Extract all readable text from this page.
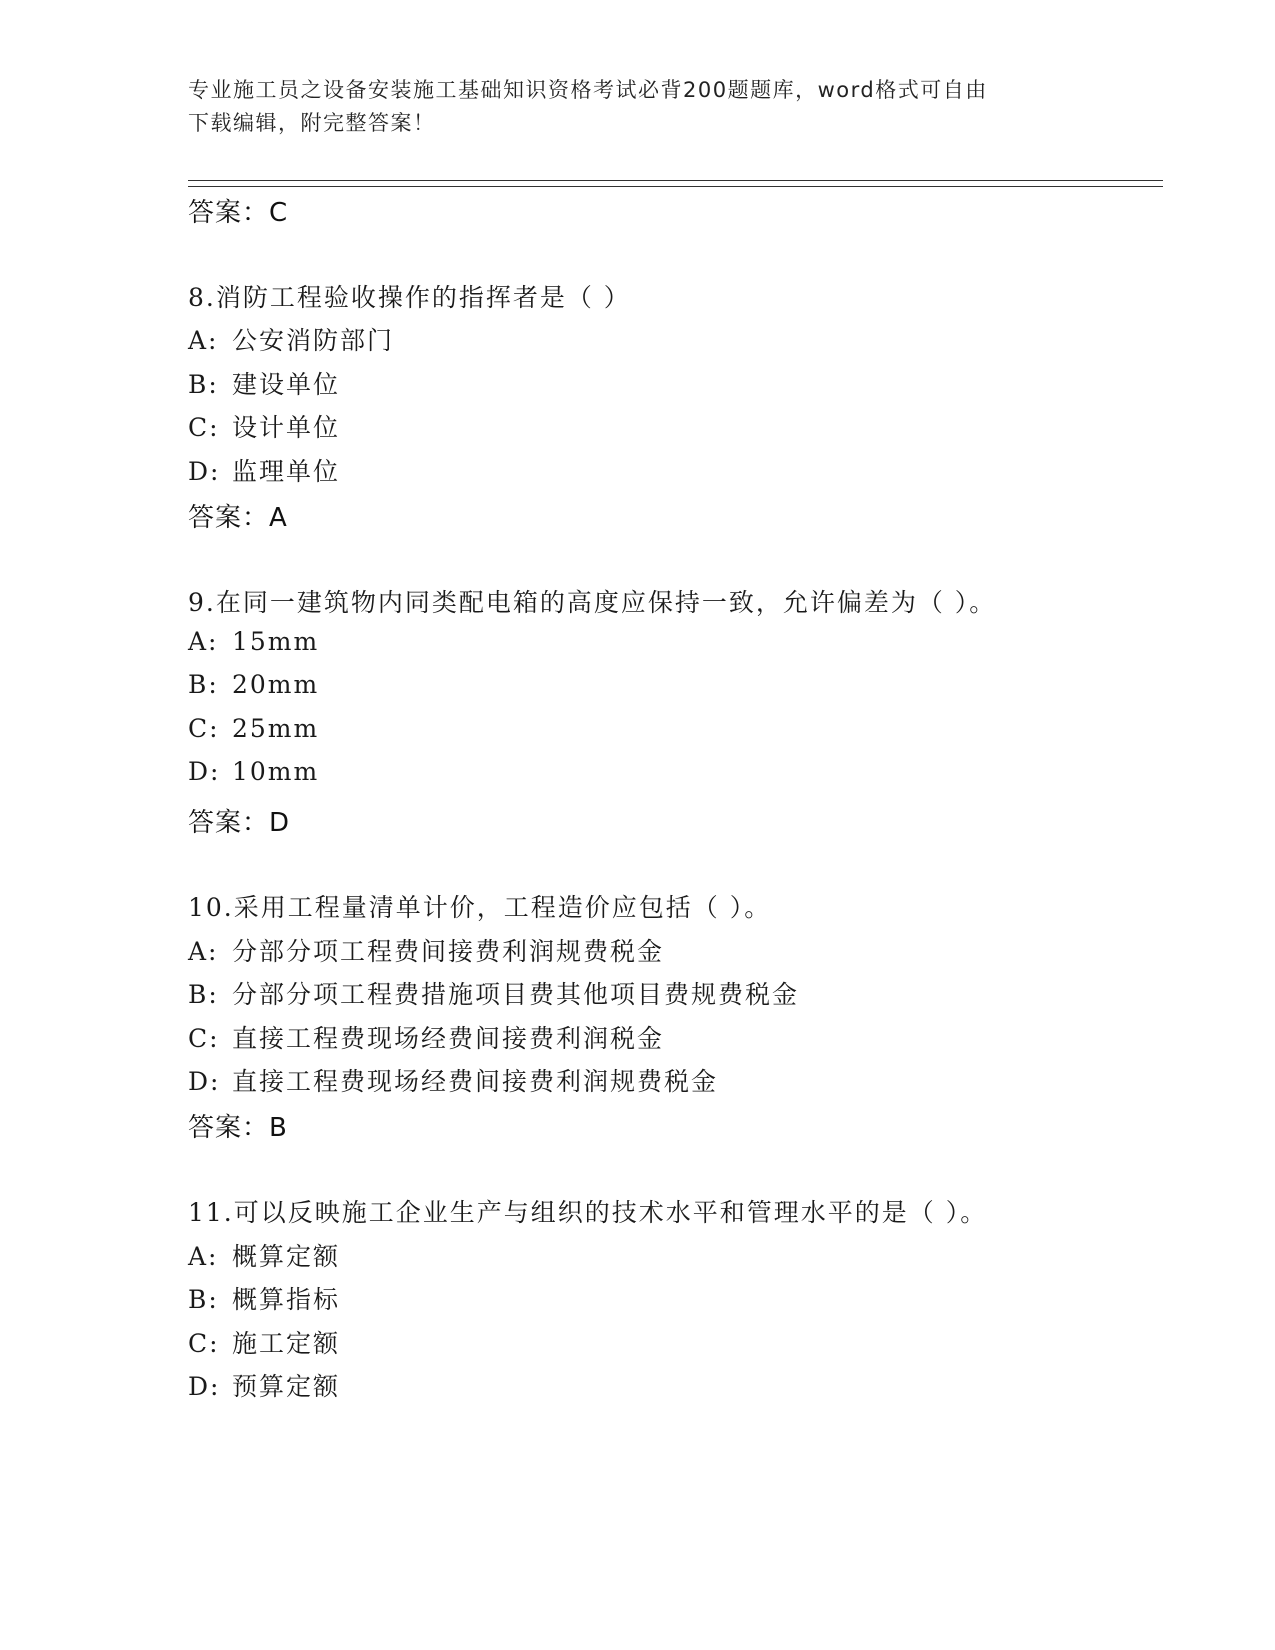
专业施工员之设备安装施工基础知识资格考试必背200题题库，word格式可自由
下载编辑，附完整答案！
答案：C
8.消防工程验收操作的指挥者是（ ）
A: 公安消防部门
B: 建设单位
C: 设计单位
D: 监理单位
答案：A
9.在同一建筑物内同类配电箱的高度应保持一致，允许偏差为（ ）。
A: 15mm
B: 20mm
C: 25mm
D: 10mm
答案：D
10.采用工程量清单计价，工程造价应包括（ ）。
A: 分部分项工程费间接费利润规费税金
B: 分部分项工程费措施项目费其他项目费规费税金
C: 直接工程费现场经费间接费利润税金
D: 直接工程费现场经费间接费利润规费税金
答案：B
11.可以反映施工企业生产与组织的技术水平和管理水平的是（ ）。
A: 概算定额
B: 概算指标
C: 施工定额
D: 预算定额
